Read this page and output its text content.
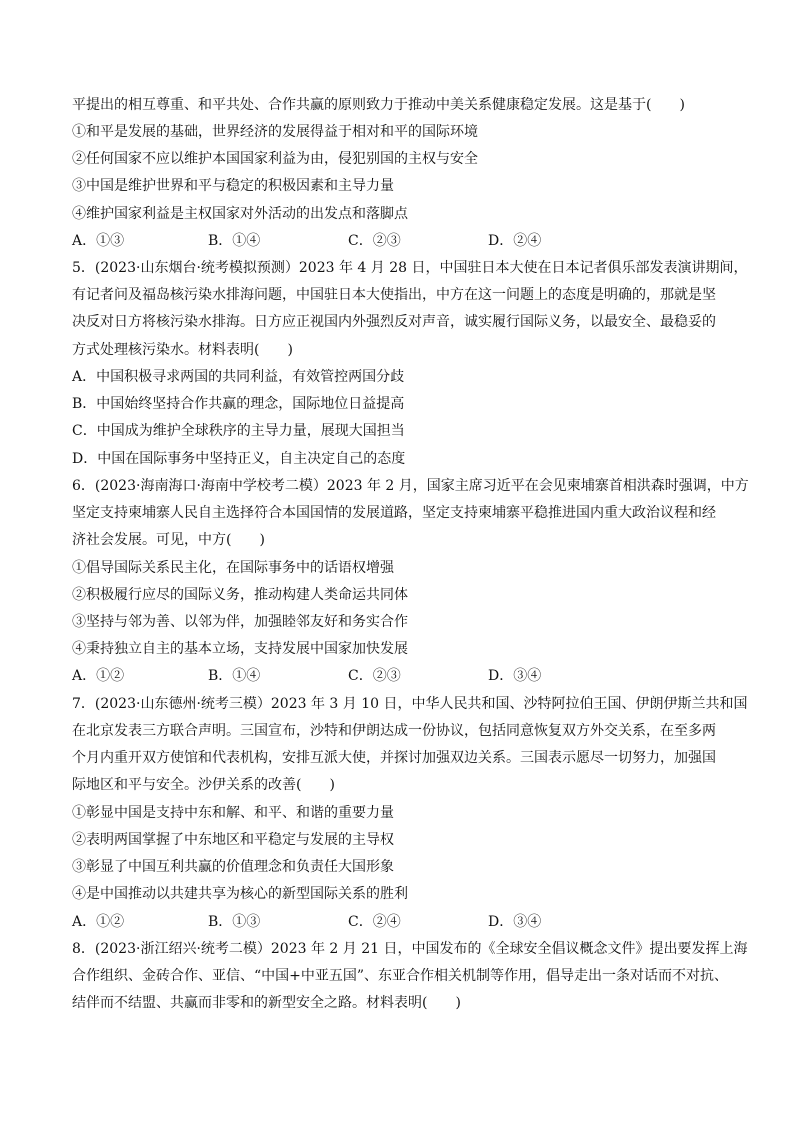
平提出的相互尊重、和平共处、合作共赢的原则致力于推动中美关系健康稳定发展。这是基于(　　)
①和平是发展的基础，世界经济的发展得益于相对和平的国际环境
②任何国家不应以维护本国国家利益为由，侵犯别国的主权与安全
③中国是维护世界和平与稳定的积极因素和主导力量
④维护国家利益是主权国家对外活动的出发点和落脚点
A．①③	B．①④	C．②③	D．②④
5．(2023·山东烟台·统考模拟预测）2023 年 4 月 28 日，中国驻日本大使在日本记者俱乐部发表演讲期间，
有记者问及福岛核污染水排海问题，中国驻日本大使指出，中方在这一问题上的态度是明确的，那就是坚
决反对日方将核污染水排海。日方应正视国内外强烈反对声音，诚实履行国际义务，以最安全、最稳妥的
方式处理核污染水。材料表明(　　)
A．中国积极寻求两国的共同利益，有效管控两国分歧
B．中国始终坚持合作共赢的理念，国际地位日益提高
C．中国成为维护全球秩序的主导力量，展现大国担当
D．中国在国际事务中坚持正义，自主决定自己的态度
6．(2023·海南海口·海南中学校考二模）2023 年 2 月，国家主席习近平在会见柬埔寨首相洪森时强调，中方
坚定支持柬埔寨人民自主选择符合本国国情的发展道路，坚定支持柬埔寨平稳推进国内重大政治议程和经
济社会发展。可见，中方(　　)
①倡导国际关系民主化，在国际事务中的话语权增强
②积极履行应尽的国际义务，推动构建人类命运共同体
③坚持与邻为善、以邻为伴，加强睦邻友好和务实合作
④秉持独立自主的基本立场，支持发展中国家加快发展
A．①②	B．①④	C．②③	D．③④
7．(2023·山东德州·统考三模）2023 年 3 月 10 日，中华人民共和国、沙特阿拉伯王国、伊朗伊斯兰共和国
在北京发表三方联合声明。三国宣布，沙特和伊朗达成一份协议，包括同意恢复双方外交关系，在至多两
个月内重开双方使馆和代表机构，安排互派大使，并探讨加强双边关系。三国表示愿尽一切努力，加强国
际地区和平与安全。沙伊关系的改善(　　)
①彰显中国是支持中东和解、和平、和谐的重要力量
②表明两国掌握了中东地区和平稳定与发展的主导权
③彰显了中国互利共赢的价值理念和负责任大国形象
④是中国推动以共建共享为核心的新型国际关系的胜利
A．①②	B．①③	C．②④	D．③④
8．(2023·浙江绍兴·统考二模）2023 年 2 月 21 日，中国发布的《全球安全倡议概念文件》提出要发挥上海
合作组织、金砖合作、亚信、“中国+中亚五国”、东亚合作相关机制等作用，倡导走出一条对话而不对抗、
结伴而不结盟、共赢而非零和的新型安全之路。材料表明(　　)
